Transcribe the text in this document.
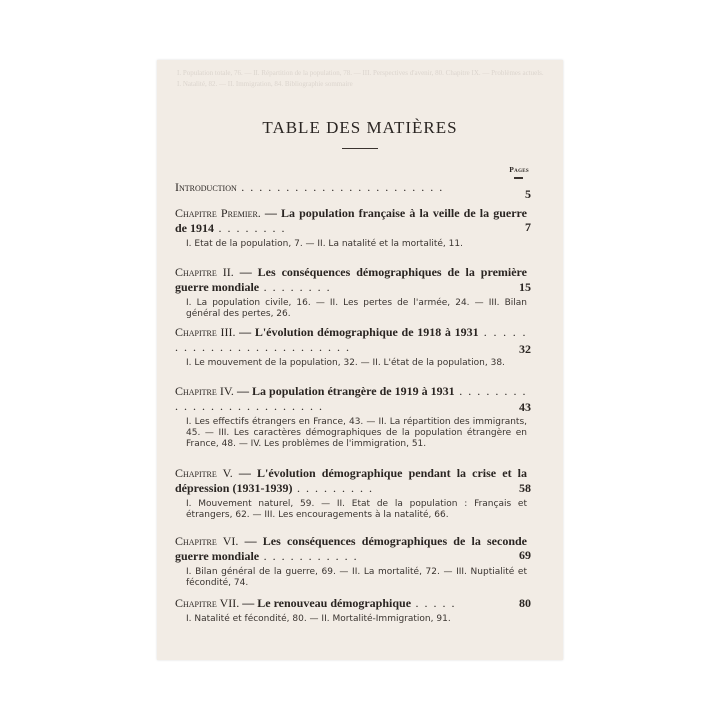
I. Population totale, 76. — II. Répartition de la population, 78. — III. Perspectives d'avenir, 80. Chapitre IX. — Problèmes actuels. I. Natalité, 82. — II. Immigration, 84. Bibliographie sommaire
TABLE DES MATIÈRES
Pages
Introduction . . . . . . . . . . . . . . . . . . . . . . .	5
Chapitre Premier. — La population française à la veille de la guerre de 1914 . . . . . . . .
I. Etat de la population, 7. — II. La natalité et la mortalité, 11.
7
Chapitre II. — Les conséquences démographiques de la première guerre mondiale . . . . . . . .
I. La population civile, 16. — II. Les pertes de l'armée, 24. — III. Bilan général des pertes, 26.
15
Chapitre III. — L'évolution démographique de 1918 à 1931 . . . . . . . . . . . . . . . . . . . . . . . . .
I. Le mouvement de la population, 32. — II. L'état de la population, 38.
32
Chapitre IV. — La population étrangère de 1919 à 1931 . . . . . . . . . . . . . . . . . . . . . . . . .
I. Les effectifs étrangers en France, 43. — II. La répartition des immigrants, 45. — III. Les caractères démographiques de la population étrangère en France, 48. — IV. Les problèmes de l'immigration, 51.
43
Chapitre V. — L'évolution démographique pendant la crise et la dépression (1931-1939) . . . . . . . . .
I. Mouvement naturel, 59. — II. Etat de la population : Français et étrangers, 62. — III. Les encouragements à la natalité, 66.
58
Chapitre VI. — Les conséquences démographiques de la seconde guerre mondiale . . . . . . . . . . .
I. Bilan général de la guerre, 69. — II. La mortalité, 72. — III. Nuptialité et fécondité, 74.
69
Chapitre VII. — Le renouveau démographique . . . . .
I. Natalité et fécondité, 80. — II. Mortalité-Immigration, 91.
80
